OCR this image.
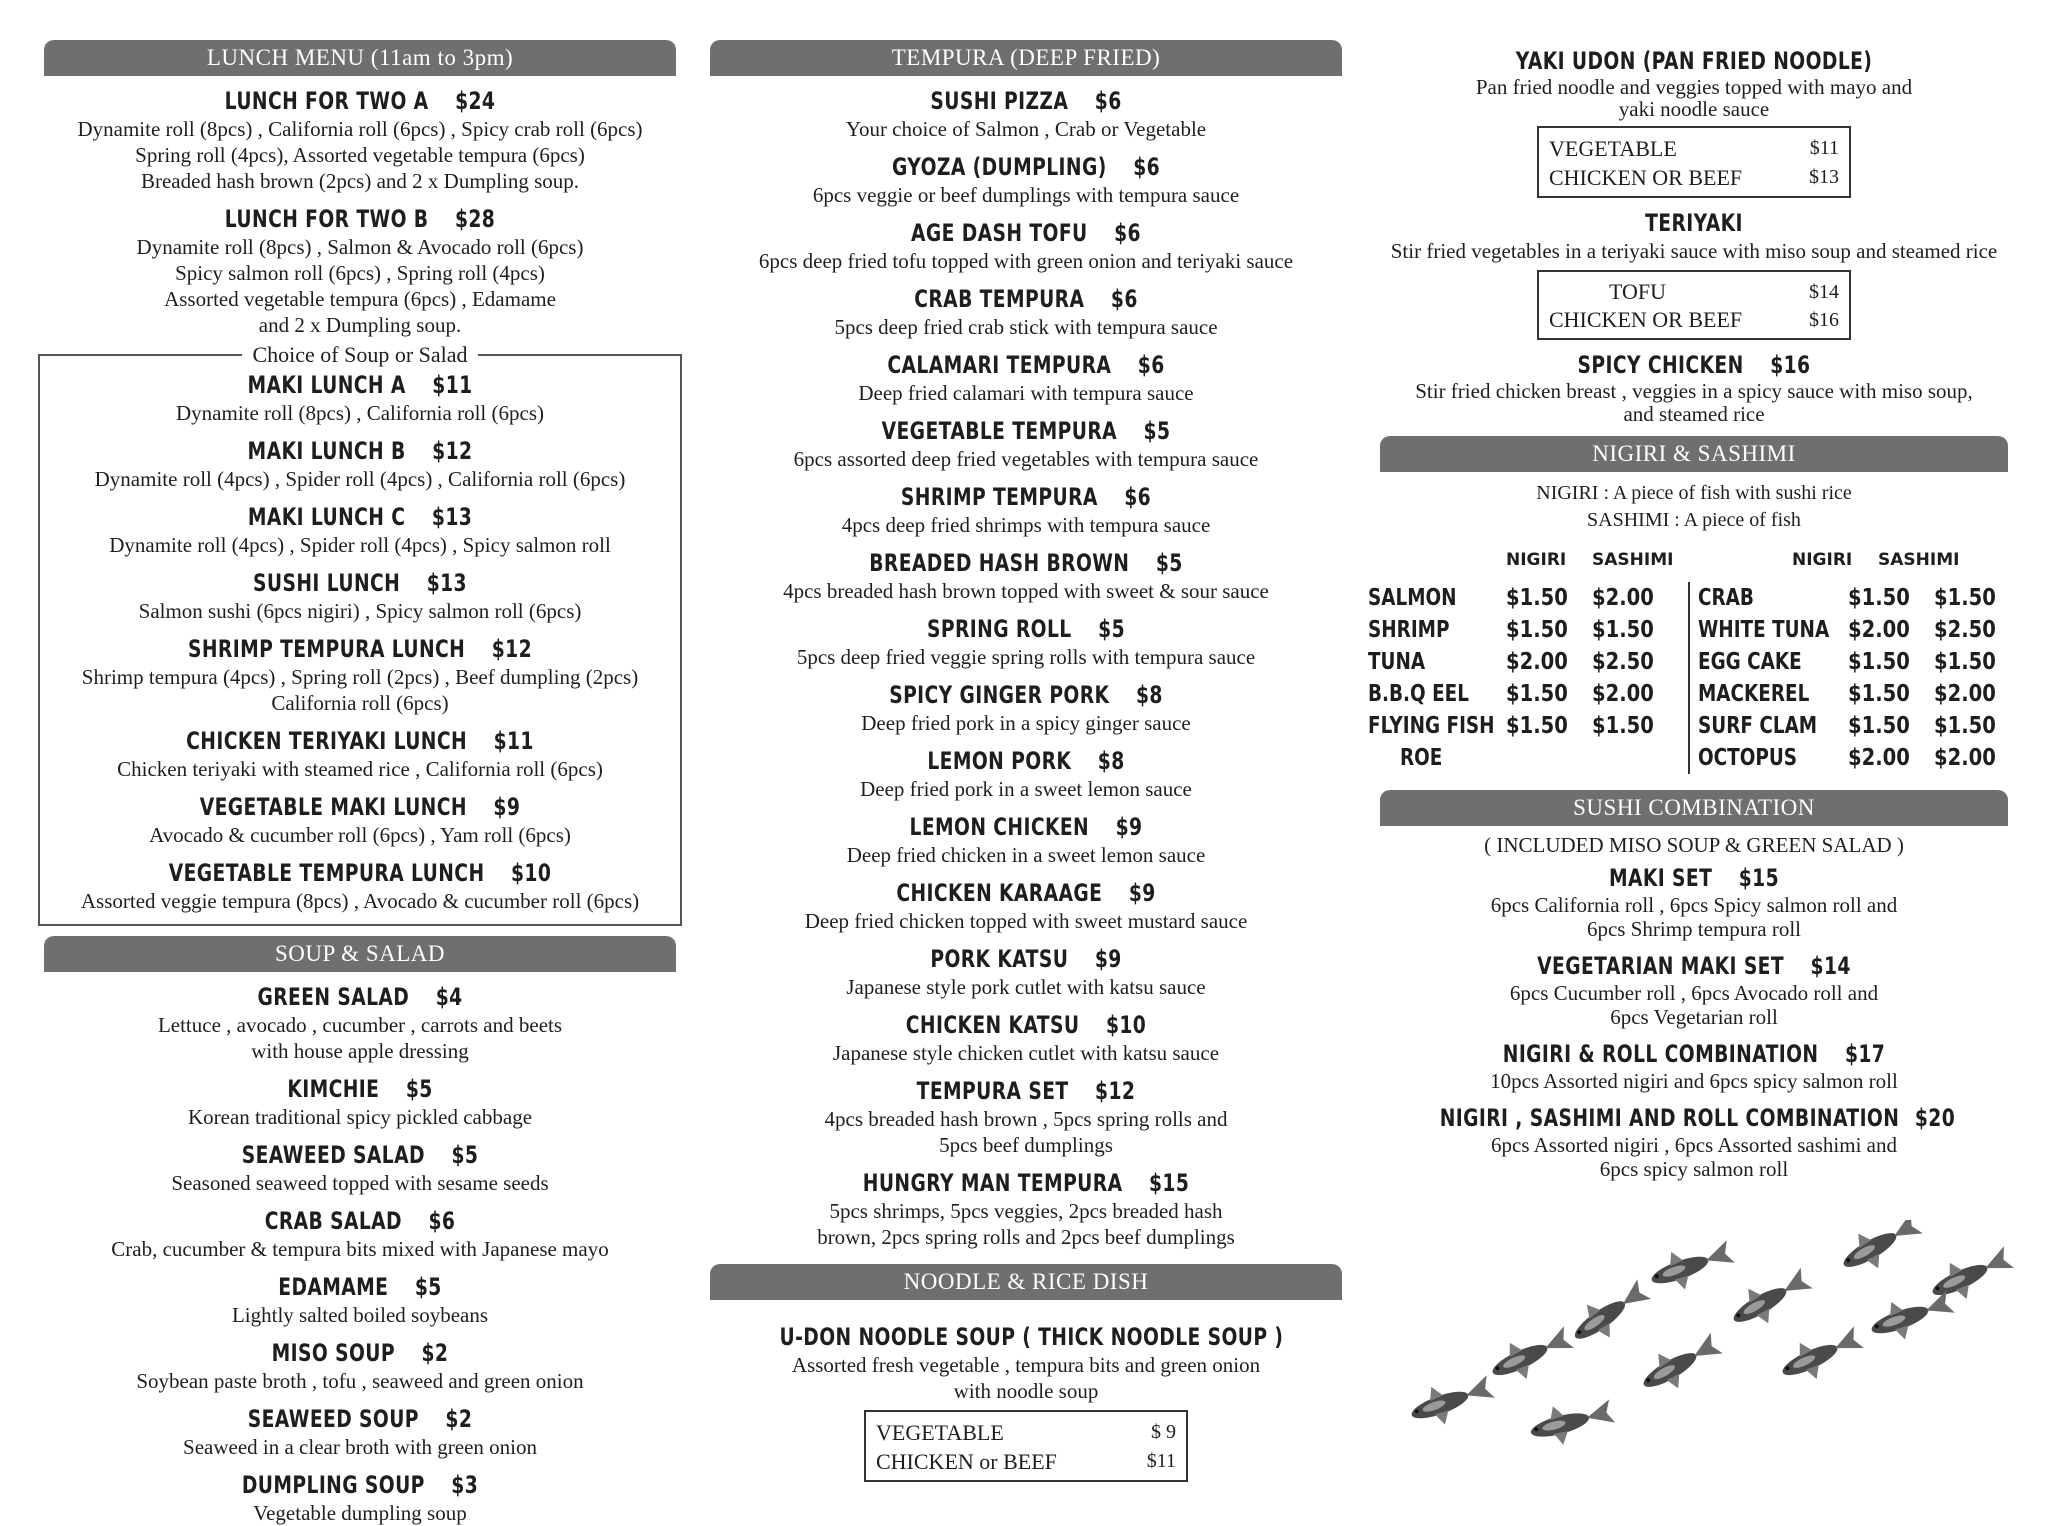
LUNCH MENU (11am to 3pm)
LUNCH FOR TWO A $24
Dynamite roll (8pcs) , California roll (6pcs) , Spicy crab roll (6pcs)
Spring roll (4pcs), Assorted vegetable tempura (6pcs)
Breaded hash brown (2pcs) and 2 x Dumpling soup.
LUNCH FOR TWO B $28
Dynamite roll (8pcs) , Salmon & Avocado roll (6pcs)
Spicy salmon roll (6pcs) , Spring roll (4pcs)
Assorted vegetable tempura (6pcs) , Edamame
and 2 x Dumpling soup.
Choice of Soup or Salad
MAKI LUNCH A $11
Dynamite roll (8pcs) , California roll (6pcs)
MAKI LUNCH B $12
Dynamite roll (4pcs) , Spider roll (4pcs) , California roll (6pcs)
MAKI LUNCH C $13
Dynamite roll (4pcs) , Spider roll (4pcs) , Spicy salmon roll
SUSHI LUNCH $13
Salmon sushi (6pcs nigiri) , Spicy salmon roll (6pcs)
SHRIMP TEMPURA LUNCH $12
Shrimp tempura (4pcs) , Spring roll (2pcs) , Beef dumpling (2pcs)
California roll (6pcs)
CHICKEN TERIYAKI LUNCH $11
Chicken teriyaki with steamed rice , California roll (6pcs)
VEGETABLE MAKI LUNCH $9
Avocado & cucumber roll (6pcs) , Yam roll (6pcs)
VEGETABLE TEMPURA LUNCH $10
Assorted veggie tempura (8pcs) , Avocado & cucumber roll (6pcs)
SOUP & SALAD
GREEN SALAD $4
Lettuce , avocado , cucumber , carrots and beets
with house apple dressing
KIMCHIE $5
Korean traditional spicy pickled cabbage
SEAWEED SALAD $5
Seasoned seaweed topped with sesame seeds
CRAB SALAD $6
Crab, cucumber & tempura bits mixed with Japanese mayo
EDAMAME $5
Lightly salted boiled soybeans
MISO SOUP $2
Soybean paste broth , tofu , seaweed and green onion
SEAWEED SOUP $2
Seaweed in a clear broth with green onion
DUMPLING SOUP $3
Vegetable dumpling soup
TEMPURA (DEEP FRIED)
SUSHI PIZZA $6
Your choice of Salmon , Crab or Vegetable
GYOZA (DUMPLING) $6
6pcs veggie or beef dumplings with tempura sauce
AGE DASH TOFU $6
6pcs deep fried tofu topped with green onion and teriyaki sauce
CRAB TEMPURA $6
5pcs deep fried crab stick with tempura sauce
CALAMARI TEMPURA $6
Deep fried calamari with tempura sauce
VEGETABLE TEMPURA $5
6pcs assorted deep fried vegetables with tempura sauce
SHRIMP TEMPURA $6
4pcs deep fried shrimps with tempura sauce
BREADED HASH BROWN $5
4pcs breaded hash brown topped with sweet & sour sauce
SPRING ROLL $5
5pcs deep fried veggie spring rolls with tempura sauce
SPICY GINGER PORK $8
Deep fried pork in a spicy ginger sauce
LEMON PORK $8
Deep fried pork in a sweet lemon sauce
LEMON CHICKEN $9
Deep fried chicken in a sweet lemon sauce
CHICKEN KARAAGE $9
Deep fried chicken topped with sweet mustard sauce
PORK KATSU $9
Japanese style pork cutlet with katsu sauce
CHICKEN KATSU $10
Japanese style chicken cutlet with katsu sauce
TEMPURA SET $12
4pcs breaded hash brown , 5pcs spring rolls and
5pcs beef dumplings
HUNGRY MAN TEMPURA $15
5pcs shrimps, 5pcs veggies, 2pcs breaded hash
brown, 2pcs spring rolls and 2pcs beef dumplings
NOODLE & RICE DISH
U-DON NOODLE SOUP ( THICK NOODLE SOUP )
Assorted fresh vegetable , tempura bits and green onion
with noodle soup
VEGETABLE	$ 9
CHICKEN or BEEF	$11
YAKI UDON (PAN FRIED NOODLE)
Pan fried noodle and veggies topped with mayo and
yaki noodle sauce
VEGETABLE	$11
CHICKEN OR BEEF	$13
TERIYAKI
Stir fried vegetables in a teriyaki sauce with miso soup and steamed rice
TOFU	$14
CHICKEN OR BEEF	$16
SPICY CHICKEN $16
Stir fried chicken breast , veggies in a spicy sauce with miso soup,
and steamed rice
NIGIRI & SASHIMI
NIGIRI : A piece of fish with sushi rice
SASHIMI : A piece of fish
NIGIRI	SASHIMI	NIGIRI	SASHIMI
SALMON	$1.50	$2.00
SHRIMP	$1.50	$1.50
TUNA	$2.00	$2.50
B.B.Q EEL	$1.50	$2.00
FLYING FISH $1.50	$1.50
ROE
CRAB	$1.50	$1.50
WHITE TUNA $2.00	$2.50
EGG CAKE	$1.50	$1.50
MACKEREL	$1.50	$2.00
SURF CLAM $1.50	$1.50
OCTOPUS	$2.00	$2.00
SUSHI COMBINATION
( INCLUDED MISO SOUP & GREEN SALAD )
MAKI SET $15
6pcs California roll , 6pcs Spicy salmon roll and
6pcs Shrimp tempura roll
VEGETARIAN MAKI SET $14
6pcs Cucumber roll , 6pcs Avocado roll and
6pcs Vegetarian roll
NIGIRI & ROLL COMBINATION $17
10pcs Assorted nigiri and 6pcs spicy salmon roll
NIGIRI , SASHIMI AND ROLL COMBINATION $20
6pcs Assorted nigiri , 6pcs Assorted sashimi and
6pcs spicy salmon roll
